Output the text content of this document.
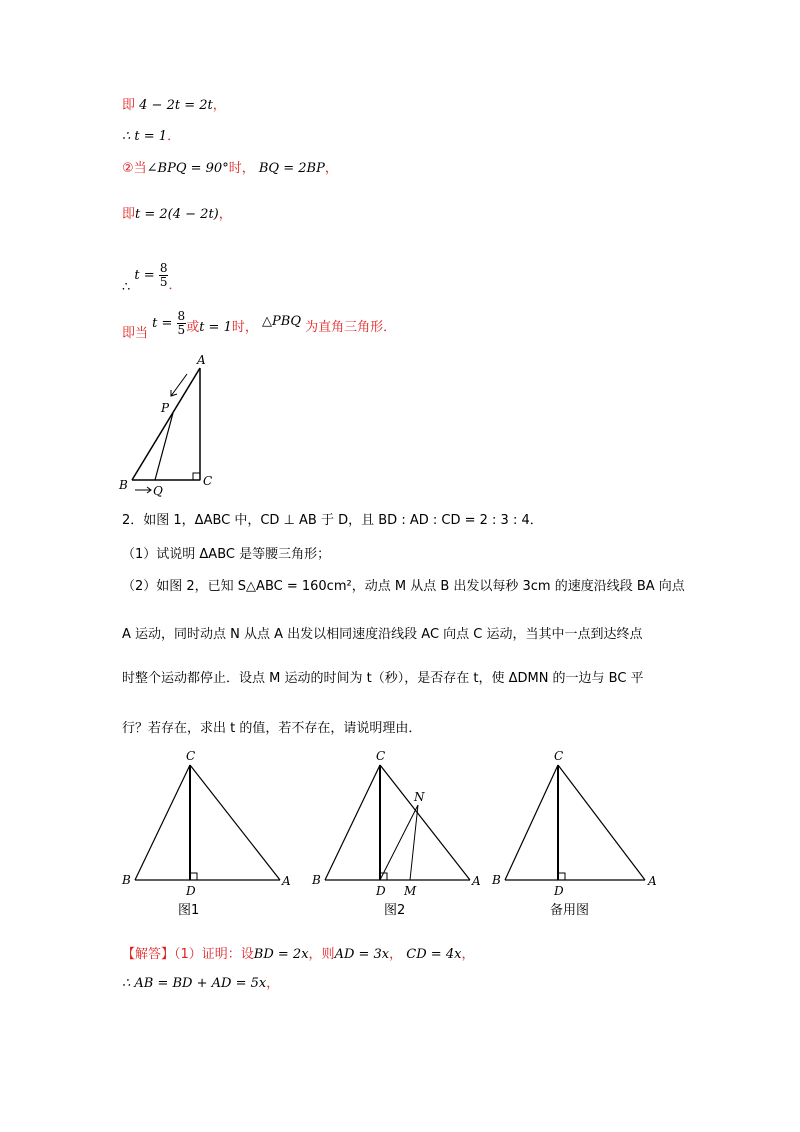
即 4 − 2t = 2t，
∴ t = 1．
②当∠BPQ = 90°时， BQ = 2BP，
即t = 2(4 − 2t)，
∴ $t = \frac{8}{5}$ ．
即当 $t = \frac{8}{5}$ 或t = 1时， △PBQ 为直角三角形．
A
P
B Q
C
2．如图 1，ΔABC 中，CD ⊥ AB 于 D，且 BD : AD : CD = 2 : 3 : 4．
（1）试说明 ΔABC 是等腰三角形；
（2）如图 2，已知 S△ABC = 160cm²，动点 M 从点 B 出发以每秒 3cm 的速度沿线段 BA 向点
A 运动，同时动点 N 从点 A 出发以相同速度沿线段 AC 向点 C 运动，当其中一点到达终点
时整个运动都停止．设点 M 运动的时间为 t（秒），是否存在 t，使 ΔDMN 的一边与 BC 平
行？若存在，求出 t 的值，若不存在，请说明理由．
C
B
D
A
图1
C
N
B
D M
A
图2
C
B
D
A
备用图
【解答】（1）证明：设BD = 2x，则AD = 3x， CD = 4x，
∴ AB = BD + AD = 5x，
